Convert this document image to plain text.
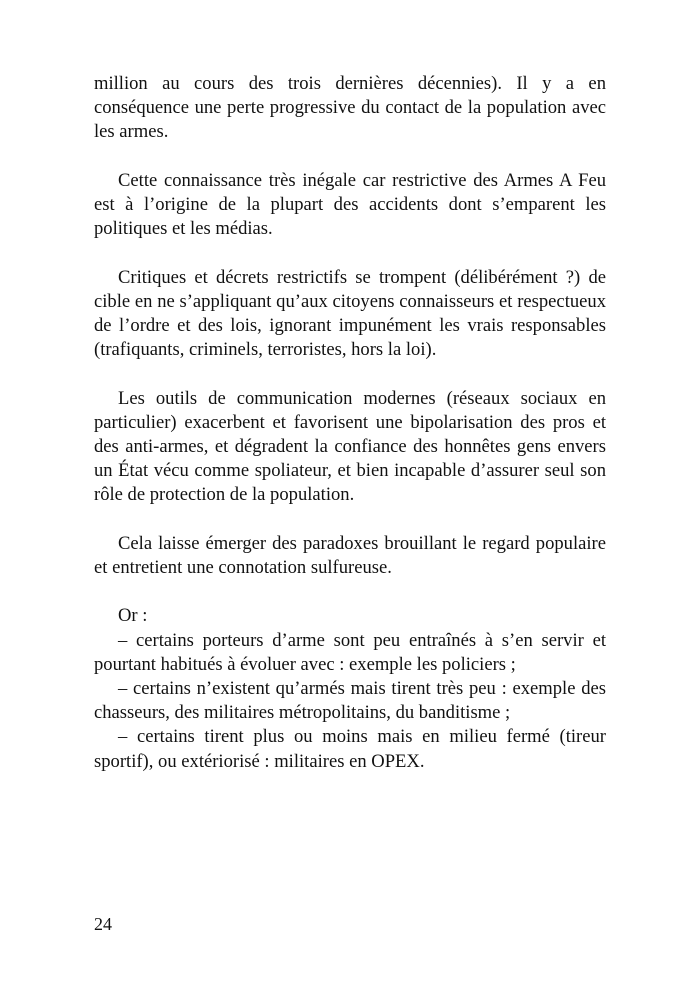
million au cours des trois dernières décennies). Il y a en conséquence une perte progressive du contact de la population avec les armes.

Cette connaissance très inégale car restrictive des Armes A Feu est à l’origine de la plupart des accidents dont s’emparent les politiques et les médias.

Critiques et décrets restrictifs se trompent (délibérément ?) de cible en ne s’appliquant qu’aux citoyens connaisseurs et respectueux de l’ordre et des lois, ignorant impunément les vrais responsables (trafiquants, criminels, terroristes, hors la loi).

Les outils de communication modernes (réseaux sociaux en particulier) exacerbent et favorisent une bipolarisation des pros et des anti-armes, et dégradent la confiance des honnêtes gens envers un État vécu comme spoliateur, et bien incapable d’assurer seul son rôle de protection de la population.

Cela laisse émerger des paradoxes brouillant le regard populaire et entretient une connotation sulfureuse.

Or :

– certains porteurs d’arme sont peu entraînés à s’en servir et pourtant habitués à évoluer avec : exemple les policiers ;

– certains n’existent qu’armés mais tirent très peu : exemple des chasseurs, des militaires métropolitains, du banditisme ;

– certains tirent plus ou moins mais en milieu fermé (tireur sportif), ou extériorisé : militaires en OPEX.

24
